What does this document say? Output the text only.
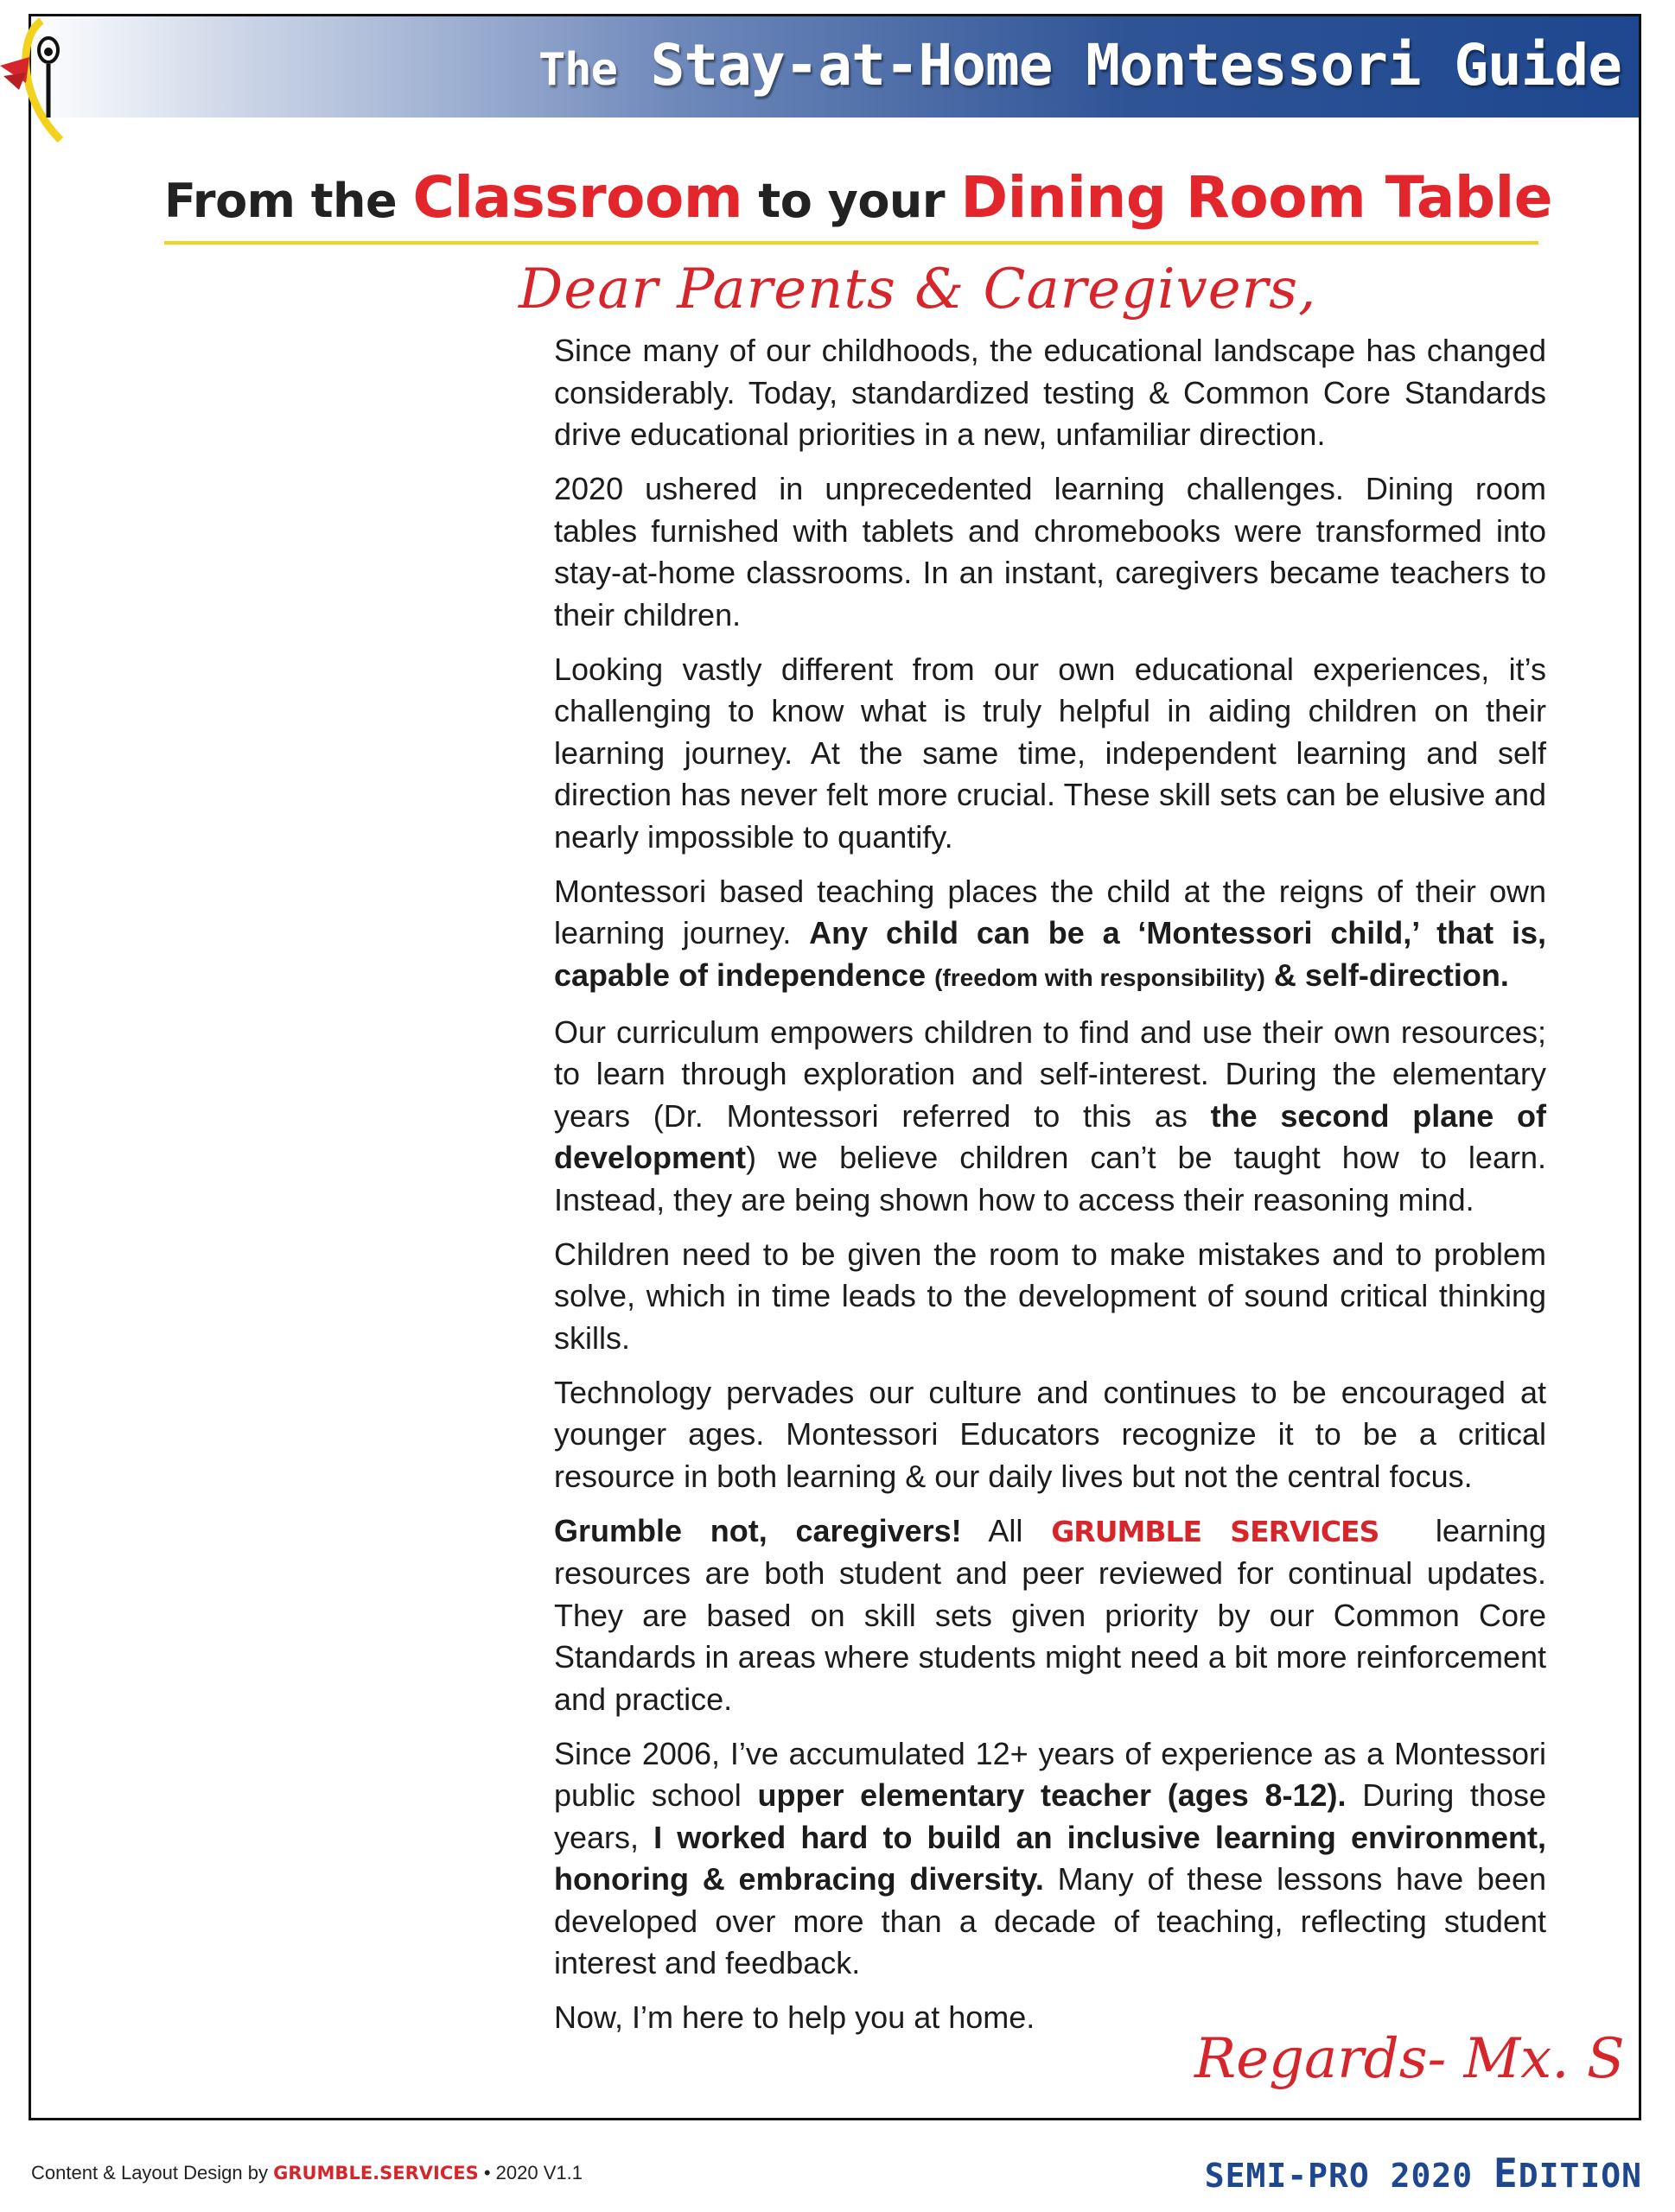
The Stay-at-Home Montessori Guide
From the Classroom to your Dining Room Table
Dear Parents & Caregivers,

Since many of our childhoods, the educational landscape has changed considerably. Today, standardized testing & Common Core Standards drive educational priorities in a new, unfamiliar direction.

2020 ushered in unprecedented learning challenges. Dining room tables furnished with tablets and chromebooks were transformed into stay-at-home classrooms. In an instant, caregivers became teachers to their children.

Looking vastly different from our own educational experiences, it’s challenging to know what is truly helpful in aiding children on their learning journey. At the same time, independent learning and self direction has never felt more crucial. These skill sets can be elusive and nearly impossible to quantify.

Montessori based teaching places the child at the reigns of their own learning journey. Any child can be a ‘Montessori child,’ that is, capable of independence (freedom with responsibility) & self-direction.

Our curriculum empowers children to find and use their own resources; to learn through exploration and self-interest. During the elementary years (Dr. Montessori referred to this as the second plane of development) we believe children can’t be taught how to learn. Instead, they are being shown how to access their reasoning mind.

Children need to be given the room to make mistakes and to problem solve, which in time leads to the development of sound critical thinking skills.

Technology pervades our culture and continues to be encouraged at younger ages. Montessori Educators recognize it to be a critical resource in both learning & our daily lives but not the central focus.

Grumble not, caregivers! All GRUMBLE SERVICES learning resources are both student and peer reviewed for continual updates. They are based on skill sets given priority by our Common Core Standards in areas where students might need a bit more reinforcement and practice.

Since 2006, I’ve accumulated 12+ years of experience as a Montessori public school upper elementary teacher (ages 8-12). During those years, I worked hard to build an inclusive learning environment, honoring & embracing diversity. Many of these lessons have been developed over more than a decade of teaching, reflecting student interest and feedback.

Now, I’m here to help you at home.

Regards- Mx. S
Content & Layout Design by GRUMBLE.SERVICES • 2020 V1.1	SEMI-PRO 2020 EDITION
